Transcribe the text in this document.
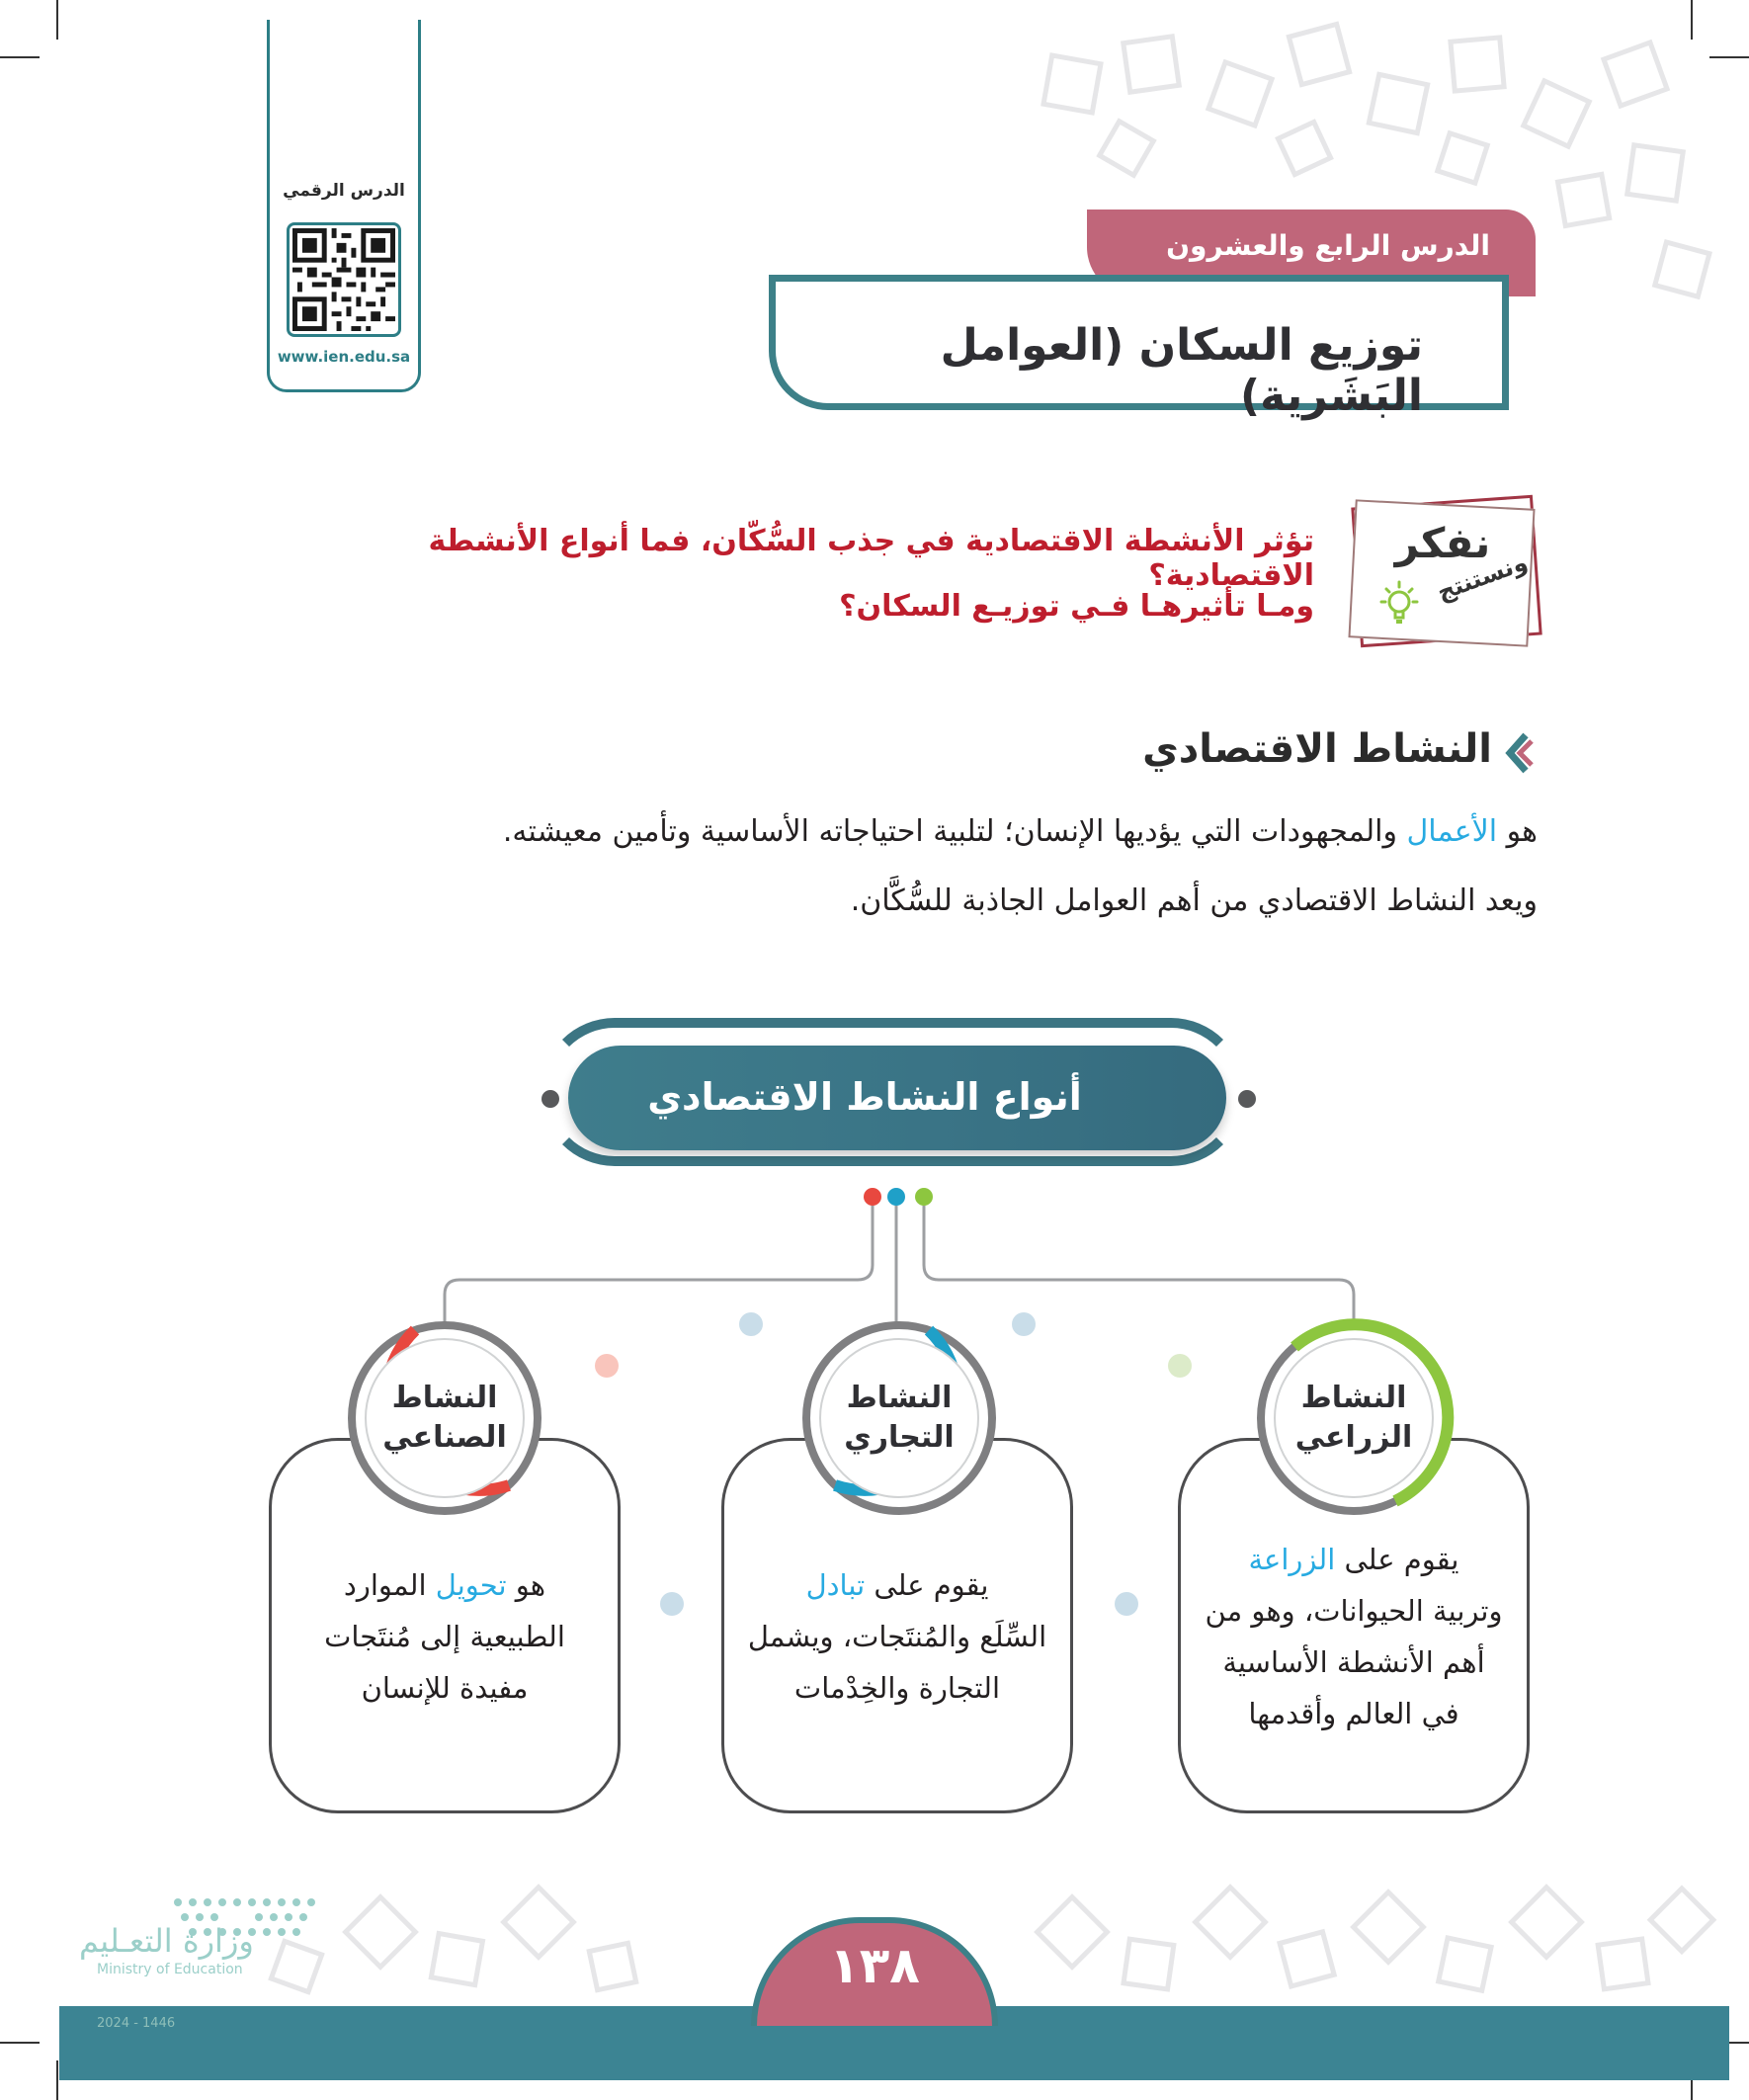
الدرس الرقمي
www.ien.edu.sa
الدرس الرابع والعشرون
توزيع السكان (العوامل البَشَرية)
نفكر
ونستنتج
تؤثر الأنشطة الاقتصادية في جذب السُّكّان، فما أنواع الأنشطة الاقتصادية؟
ومـا تأثيرهـا فـي توزيـع السكان؟
النشاط الاقتصادي
هو الأعمال والمجهودات التي يؤديها الإنسان؛ لتلبية احتياجاته الأساسية وتأمين معيشته.
ويعد النشاط الاقتصادي من أهم العوامل الجاذبة للسُّكَّان.
أنواع النشاط الاقتصادي
النشاط
الزراعي
النشاط
التجاري
النشاط
الصناعي
يقوم على الزراعة
وتربية الحيوانات، وهو من
أهم الأنشطة الأساسية
في العالم وأقدمها
يقوم على تبادل
السِّلَع والمُنتَجات، ويشمل
التجارة والخِدْمات
هو تحويل الموارد
الطبيعية إلى مُنتَجات
مفيدة للإنسان
١٣٨
وزارة التعـليم
Ministry of Education
2024 - 1446
